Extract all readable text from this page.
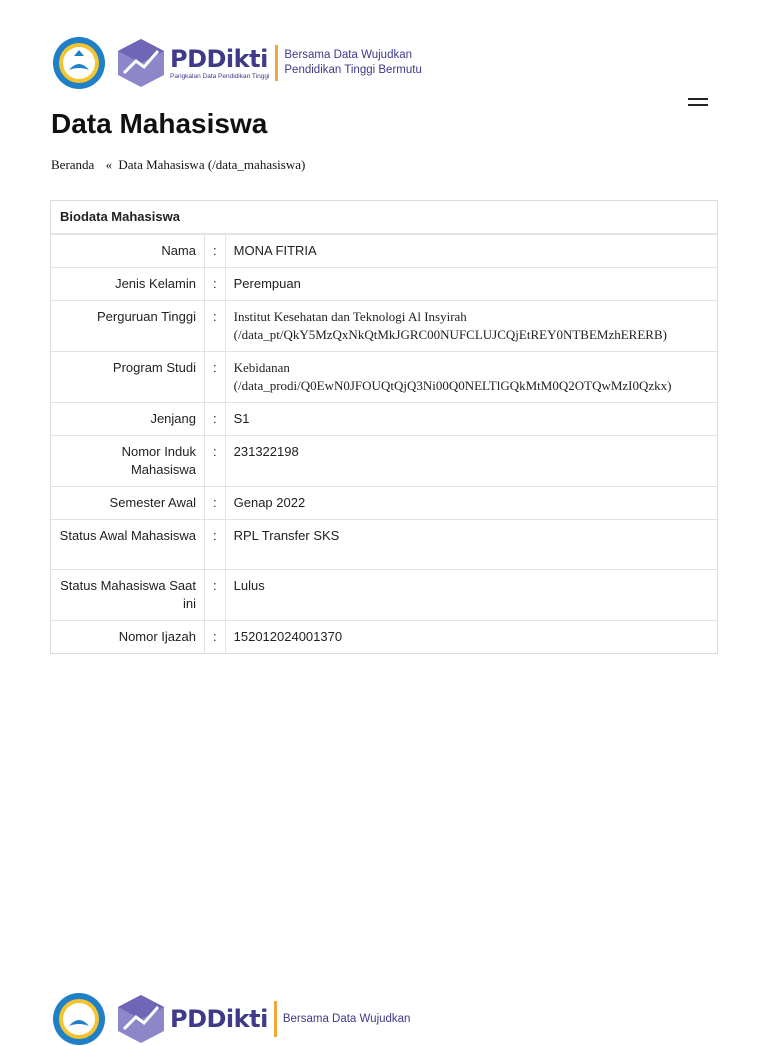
PDDikti
Pangkalan Data Pendidikan Tinggi
Bersama Data Wujudkan
Pendidikan Tinggi Bermutu
Data Mahasiswa
Beranda « Data Mahasiswa (/data_mahasiswa)
Biodata Mahasiswa
Nama	:	MONA FITRIA
Jenis Kelamin	:	Perempuan
Perguruan Tinggi	:	Institut Kesehatan dan Teknologi Al Insyirah (/data_pt/QkY5MzQxNkQtMkJGRC00NUFCLUJCQjEtREY0NTBEMzhERERB)
Program Studi	:	Kebidanan (/data_prodi/Q0EwN0JFOUQtQjQ3Ni00Q0NELTlGQkMtM0Q2OTQwMzI0Qzkx)
Jenjang	:	S1
Nomor Induk Mahasiswa	:	231322198
Semester Awal	:	Genap 2022
Status Awal Mahasiswa	:	RPL Transfer SKS
Status Mahasiswa Saat ini	:	Lulus
Nomor Ijazah	:	152012024001370
PDDikti Bersama Data Wujudkan
